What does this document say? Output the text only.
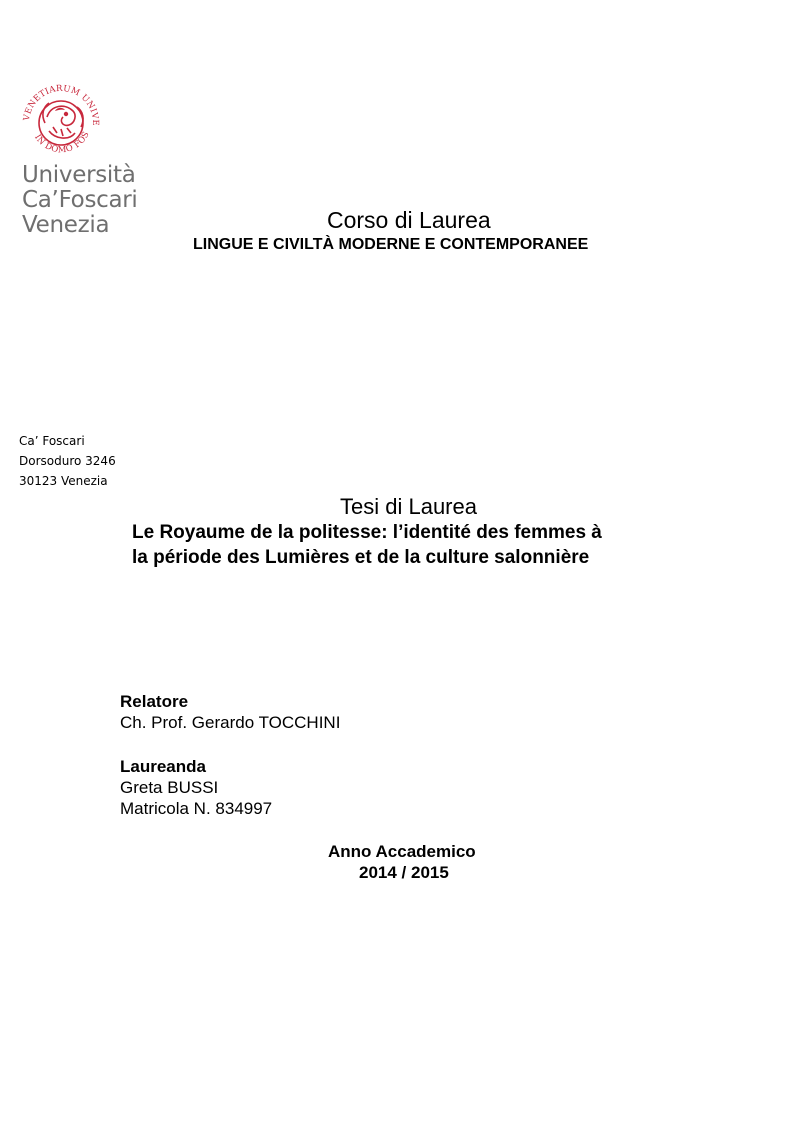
VENETIARUM UNIVE
IN DOMO FOS
Università
Ca’Foscari
Venezia	Corso di Laurea

LINGUE E CIVILTÀ MODERNE E CONTEMPORANEE

Ca’ Foscari
Dorsoduro 3246
30123 Venezia

Tesi di Laurea

Le Royaume de la politesse: l’identité des femmes à
la période des Lumières et de la culture salonnière
Relatore
Ch. Prof. Gerardo TOCCHINI
Laureanda
Greta BUSSI
Matricola N. 834997

Anno Accademico

2014 / 2015
